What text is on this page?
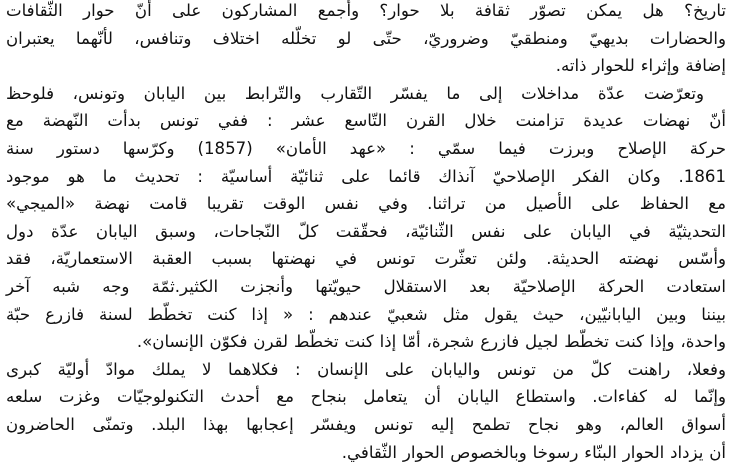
تاريخ؟ هل يمكن تصوّر ثقافة بلا حوار؟ وأجمع المشاركون على أنّ حوار الثّقافات
والحضارات بديهيّ ومنطقيّ وضروريّ، حتّى لو تخلّله اختلاف وتنافس، لأنّهما يعتبران
إضافة وإثراء للحوار ذاته.
وتعرّضت عدّة مداخلات إلى ما يفسّر التّقارب والتّرابط بين اليابان وتونس، فلوحظ
أنّ نهضات عديدة تزامنت خلال القرن التّاسع عشر : ففي تونس بدأت النّهضة مع
حركة الإصلاح وبرزت فيما سمّي : «عهد الأمان» (1857) وكرّسها دستور سنة
1861. وكان الفكر الإصلاحيّ آنذاك قائما على ثنائيّة أساسيّة : تحديث ما هو موجود
مع الحفاظ على الأصيل من تراثنا. وفي نفس الوقت تقريبا قامت نهضة «الميجي»
التحديثيّة في اليابان على نفس الثّنائيّة، فحقّقت كلّ النّجاحات، وسبق اليابان عدّة دول
وأسّس نهضته الحديثة. ولئن تعثّرت تونس في نهضتها بسبب العقبة الاستعماريّة، فقد
استعادت الحركة الإصلاحيّة بعد الاستقلال حيويّتها وأنجزت الكثير.ثمّة وجه شبه آخر
بيننا وبين اليابانيّين، حيث يقول مثل شعبيّ عندهم : « إذا كنت تخطّط لسنة فازرع حبّة
واحدة، وإذا كنت تخطّط لجيل فازرع شجرة، أمّا إذا كنت تخطّط لقرن فكوّن الإنسان».
وفعلا، راهنت كلّ من تونس واليابان على الإنسان : فكلاهما لا يملك موادّ أوليّة كبرى
وإنّما له كفاءات. واستطاع اليابان أن يتعامل بنجاح مع أحدث التكنولوجيّات وغزت سلعه
أسواق العالم، وهو نجاح تطمح إليه تونس ويفسّر إعجابها بهذا البلد. وتمنّى الحاضرون
أن يزداد الحوار البنّاء رسوخا وبالخصوص الحوار الثّقافي.
